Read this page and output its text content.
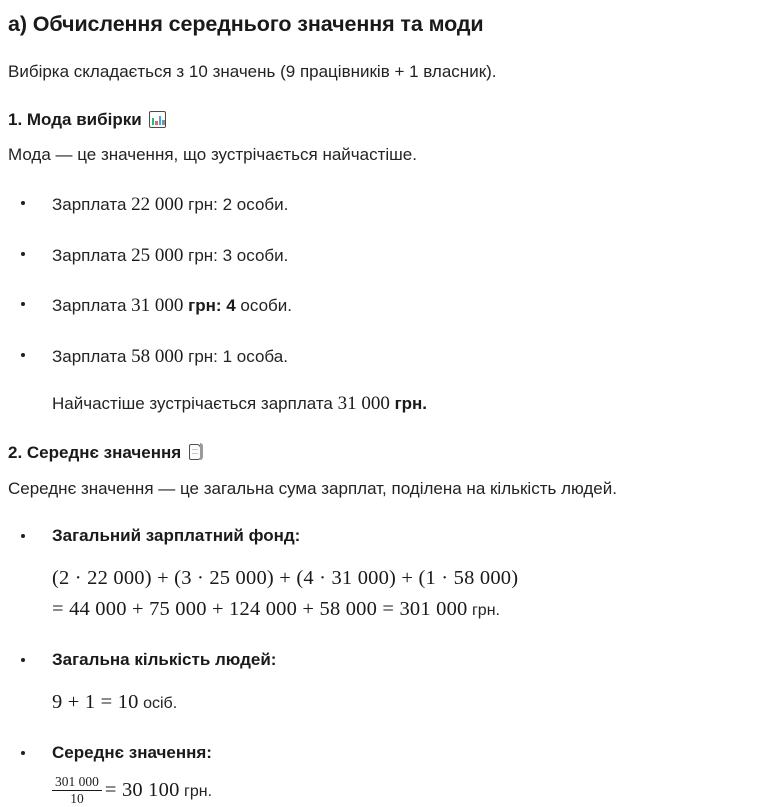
a) Обчислення середнього значення та моди

Вибірка складається з 10 значень (9 працівників + 1 власник).

1. Мода вибірки

Мода — це значення, що зустрічається найчастіше.

Зарплата 22 000 грн: 2 особи.
Зарплата 25 000 грн: 3 особи.
Зарплата 31 000 грн: 4 особи.
Зарплата 58 000 грн: 1 особа.
Найчастіше зустрічається зарплата 31 000 грн.
2. Середнє значення

Середнє значення — це загальна сума зарплат, поділена на кількість людей.

Загальний зарплатний фонд:
(2 · 22 000) + (3 · 25 000) + (4 · 31 000) + (1 · 58 000)
= 44 000 + 75 000 + 124 000 + 58 000 = 301 000 грн.
Загальна кількість людей:
9 + 1 = 10 осіб.
Середнє значення:
$\frac{301 000}{10} = 30$ 100 грн.
